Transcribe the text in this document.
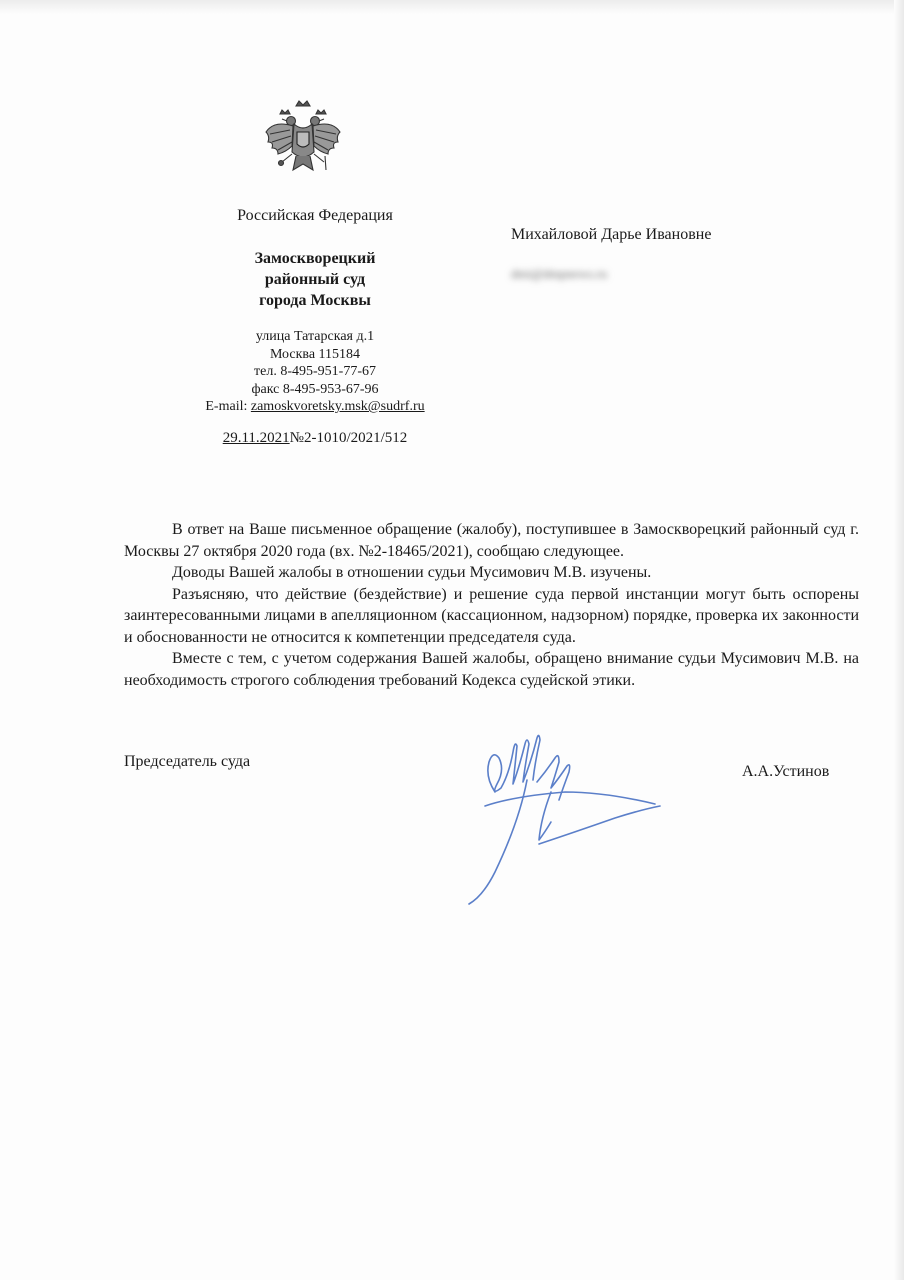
Российская Федерация
Замоскворецкий
районный суд
города Москвы
улица Татарская д.1
Москва 115184
тел. 8-495-951-77-67
факс 8-495-953-67-96
E-mail: zamoskvoretsky.msk@sudrf.ru
29.11.2021№2-1010/2021/512
Михайловой Дарье Ивановне
dmi@dmpnews.ru

В ответ на Ваше письменное обращение (жалобу), поступившее в Замоскворецкий районный суд г. Москвы 27 октября 2020 года (вх. №2-18465/2021), сообщаю следующее.

Доводы Вашей жалобы в отношении судьи Мусимович М.В. изучены.

Разъясняю, что действие (бездействие) и решение суда первой инстанции могут быть оспорены заинтересованными лицами в апелляционном (кассационном, надзорном) порядке, проверка их законности и обоснованности не относится к компетенции председателя суда.

Вместе с тем, с учетом содержания Вашей жалобы, обращено внимание судьи Мусимович М.В. на необходимость строгого соблюдения требований Кодекса судейской этики.

Председатель суда
А.А.Устинов
